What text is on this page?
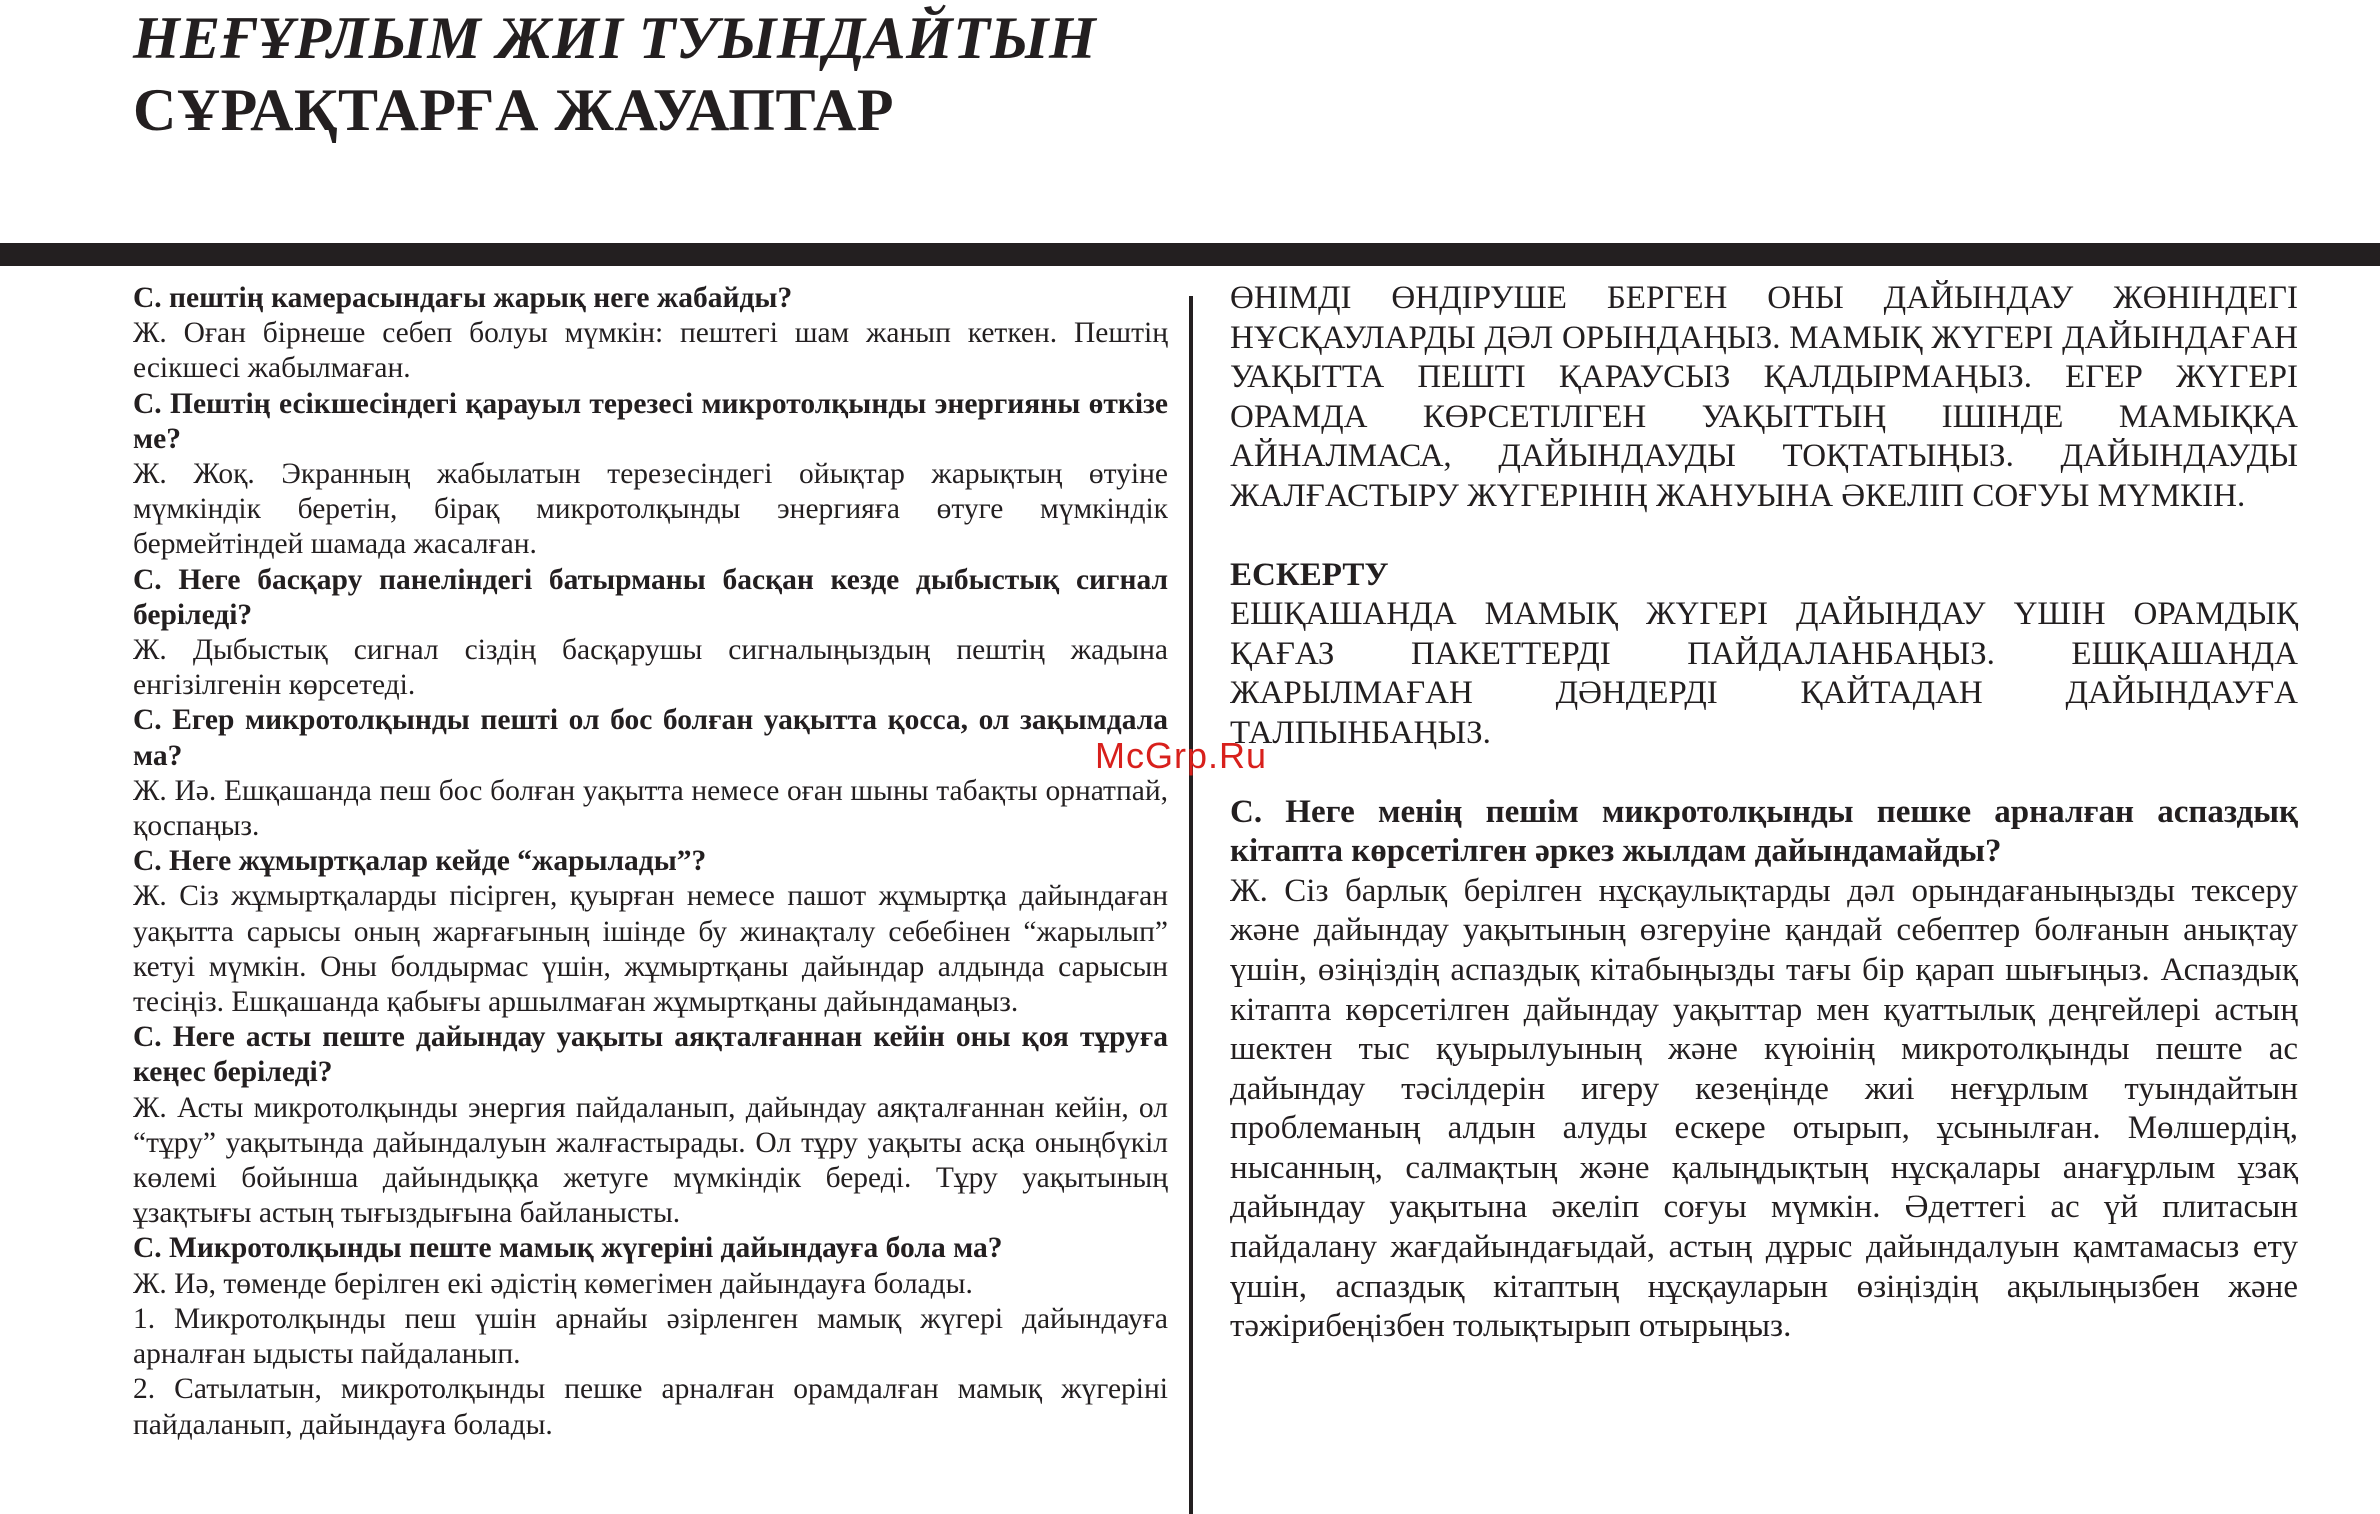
НЕҒҰРЛЫМ ЖИІ ТУЫНДАЙТЫН
СҰРАҚТАРҒА ЖАУАПТАР

С. пештің камерасындағы жарық неге жабайды?

Ж. Оған бірнеше себеп болуы мүмкін: пештегі шам жанып кеткен. Пештің есікшесі жабылмаған.

С. Пештің есікшесіндегі қарауыл терезесі микротолқынды энергияны өткізе ме?

Ж. Жоқ. Экранның жабылатын терезесіндегі ойықтар жарықтың өтуіне мүмкіндік беретін, бірақ микротолқынды энергияға өтуге мүмкіндік бермейтіндей шамада жасалған.

С. Неге басқару панеліндегі батырманы басқан кезде дыбыстық сигнал беріледі?

Ж. Дыбыстық сигнал сіздің басқарушы сигналыңыздың пештің жадына енгізілгенін көрсетеді.

С. Егер микротолқынды пешті ол бос болған уақытта қосса, ол зақымдала ма?

Ж. Иә. Ешқашанда пеш бос болған уақытта немесе оған шыны табақты орнатпай, қоспаңыз.

С. Неге жұмыртқалар кейде “жарылады”?

Ж. Сіз жұмыртқаларды пісірген, қуырған немесе пашот жұмыртқа дайындаған уақытта сарысы оның жарғағының ішінде бу жинақталу себебінен “жарылып” кетуі мүмкін. Оны болдырмас үшін, жұмыртқаны дайындар алдында сарысын тесіңіз. Ешқашанда қабығы аршылмаған жұмыртқаны дайындамаңыз.

С. Неге асты пеште дайындау уақыты аяқталғаннан кейін оны қоя тұруға кеңес беріледі?

Ж. Асты микротолқынды энергия пайдаланып, дайындау аяқталғаннан кейін, ол “тұру” уақытында дайындалуын жалғастырады. Ол тұру уақыты асқа оныңбүкіл көлемі бойынша дайындыққа жетуге мүмкіндік береді. Тұру уақытының ұзақтығы астың тығыздығына байланысты.

С. Микротолқынды пеште мамық жүгеріні дайындауға бола ма?

Ж. Иә, төменде берілген екі әдістің көмегімен дайындауға болады.

1. Микротолқынды пеш үшін арнайы әзірленген мамық жүгері дайындауға арналған ыдысты пайдаланып.

2. Сатылатын, микротолқынды пешке арналған орамдалған мамық жүгеріні пайдаланып, дайындауға болады.

ӨНІМДІ ӨНДІРУШЕ БЕРГЕН ОНЫ ДАЙЫНДАУ ЖӨНІНДЕГІ НҰСҚАУЛАРДЫ ДӘЛ ОРЫНДАҢЫЗ. МАМЫҚ ЖҮГЕРІ ДАЙЫНДАҒАН УАҚЫТТА ПЕШТІ ҚАРАУСЫЗ ҚАЛДЫРМАҢЫЗ. ЕГЕР ЖҮГЕРІ ОРАМДА КӨРСЕТІЛГЕН УАҚЫТТЫҢ ІШІНДЕ МАМЫҚҚА АЙНАЛМАСА, ДАЙЫНДАУДЫ ТОҚТАТЫҢЫЗ. ДАЙЫНДАУДЫ ЖАЛҒАСТЫРУ ЖҮГЕРІНІҢ ЖАНУЫНА ӘКЕЛІП СОҒУЫ МҮМКІН.

ЕСКЕРТУ

ЕШҚАШАНДА МАМЫҚ ЖҮГЕРІ ДАЙЫНДАУ ҮШІН ОРАМДЫҚ ҚАҒАЗ ПАКЕТТЕРДІ ПАЙДАЛАНБАҢЫЗ. ЕШҚАШАНДА ЖАРЫЛМАҒАН ДӘНДЕРДІ ҚАЙТАДАН ДАЙЫНДАУҒА ТАЛПЫНБАҢЫЗ.

С. Неге менің пешім микротолқынды пешке арналған аспаздық кітапта көрсетілген әркез жылдам дайындамайды?

Ж. Сіз барлық берілген нұсқаулықтарды дәл орындағаныңызды тексеру және дайындау уақытының өзгеруіне қандай себептер болғанын анықтау үшін, өзіңіздің аспаздық кітабыңызды тағы бір қарап шығыңыз. Аспаздық кітапта көрсетілген дайындау уақыттар мен қуаттылық деңгейлері астың шектен тыс қуырылуының және күюінің микротолқынды пеште ас дайындау тәсілдерін игеру кезеңінде жиі неғұрлым туындайтын проблеманың алдын алуды ескере отырып, ұсынылған. Мөлшердің, нысанның, салмақтың және қалыңдықтың нұсқалары анағұрлым ұзақ дайындау уақытына әкеліп соғуы мүмкін. Әдеттегі ас үй плитасын пайдалану жағдайындағыдай, астың дұрыс дайындалуын қамтамасыз ету үшін, аспаздық кітаптың нұсқауларын өзіңіздің ақылыңызбен және тәжірибеңізбен толықтырып отырыңыз.

McGrp.Ru
